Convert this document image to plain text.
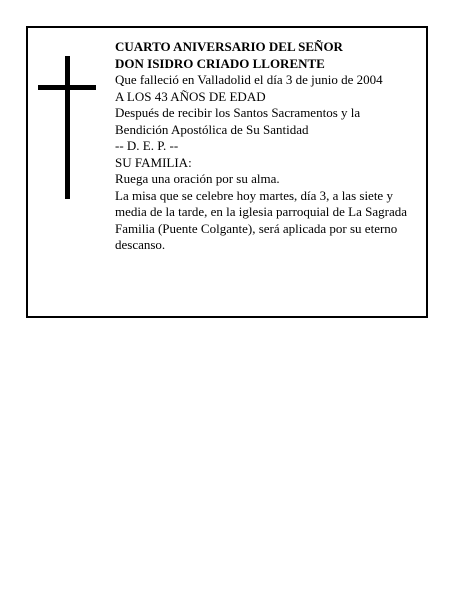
CUARTO ANIVERSARIO DEL SEÑOR
DON ISIDRO CRIADO LLORENTE
Que falleció en Valladolid el día 3 de junio de 2004
A LOS 43 AÑOS DE EDAD
Después de recibir los Santos Sacramentos y la
Bendición Apostólica de Su Santidad
-- D. E. P. --
SU FAMILIA:
Ruega una oración por su alma.
La misa que se celebre hoy martes, día 3, a las siete y media de la tarde, en la iglesia parroquial de La Sagrada Familia (Puente Colgante), será aplicada por su eterno descanso.
